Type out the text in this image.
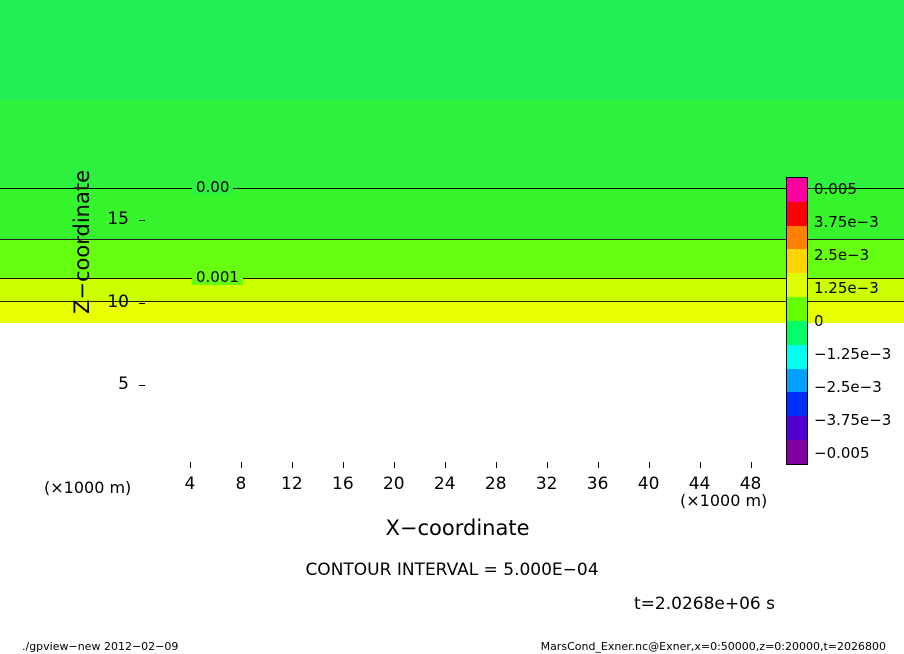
0.001
0.00
4	8	12	16	20	24	28	32	36	40	44	48
5
10
15
Z−coordinate
X−coordinate
(×1000 m)
(×1000 m)
0.005
3.75e−3
2.5e−3
1.25e−3
0
−1.25e−3
−2.5e−3
−3.75e−3
−0.005
CONTOUR INTERVAL = 5.000E−04
t=2.0268e+06 s
./gpview−new 2012−02−09	MarsCond_Exner.nc@Exner,x=0:50000,z=0:20000,t=2026800
